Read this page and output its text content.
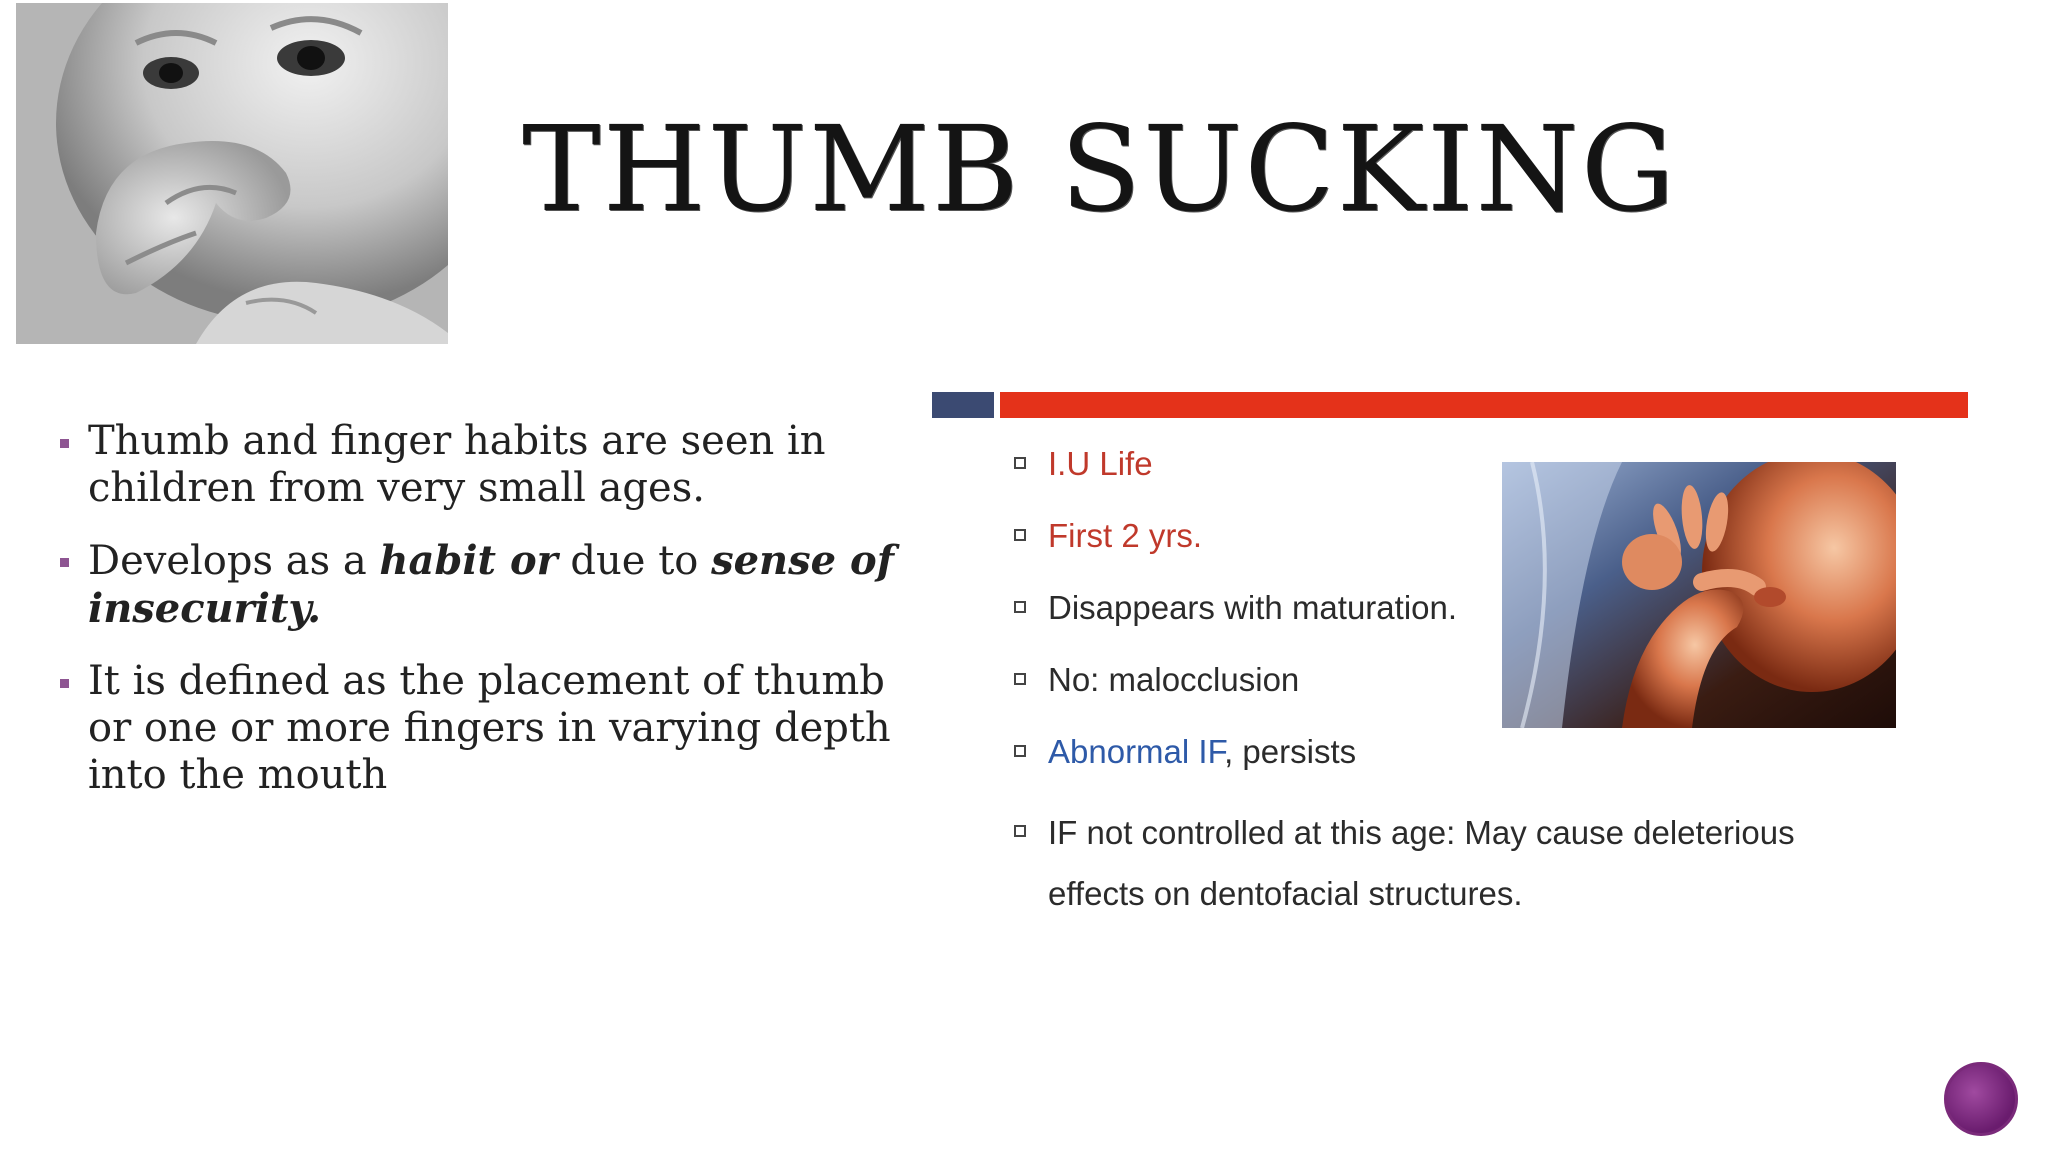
THUMB SUCKING
Thumb and finger habits are seen in children from very small ages.
Develops as a habit or due to sense of insecurity.
It is defined as the placement of thumb or one or more fingers in varying depth into the mouth
I.U Life
First 2 yrs.
Disappears with maturation.
No: malocclusion
Abnormal IF, persists
IF not controlled at this age: May cause deleterious effects on dentofacial structures.
